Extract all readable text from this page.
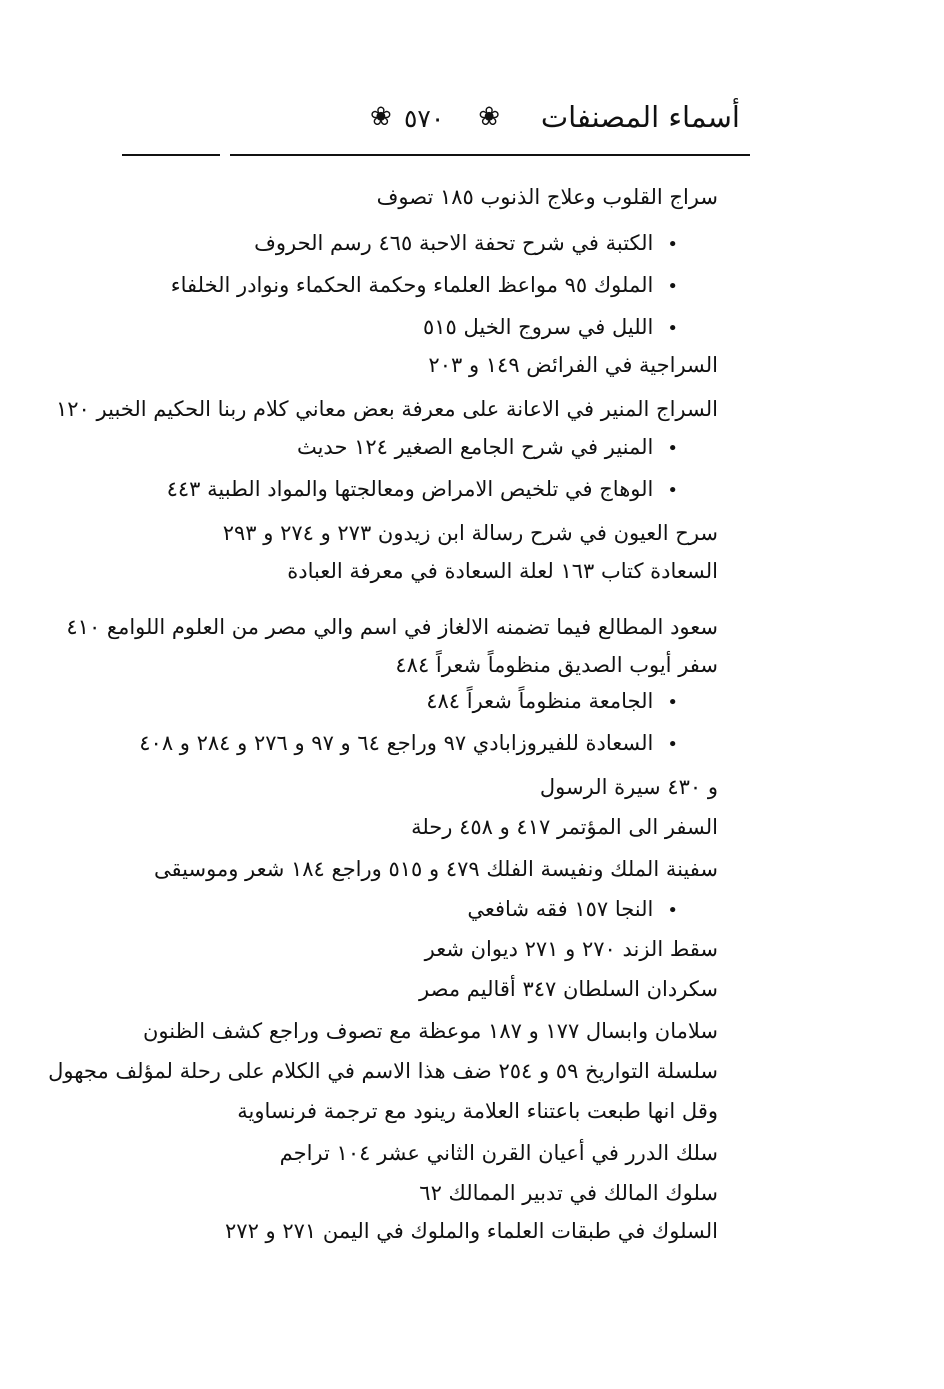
أسماء المصنفات
❀ ٥٧٠ ❀
سراج القلوب وعلاج الذنوب ١٨٥ تصوف
•الكتبة في شرح تحفة الاحبة ٤٦٥ رسم الحروف
•الملوك ٩٥ مواعظ العلماء وحكمة الحكماء ونوادر الخلفاء
•الليل في سروج الخيل ٥١٥
السراجية في الفرائض ١٤٩ و ٢٠٣
السراج المنير في الاعانة على معرفة بعض معاني كلام ربنا الحكيم الخبير ١٢٠
•المنير في شرح الجامع الصغير ١٢٤ حديث
•الوهاج في تلخيص الامراض ومعالجتها والمواد الطبية ٤٤٣
سرح العيون في شرح رسالة ابن زيدون ٢٧٣ و ٢٧٤ و ٢٩٣
السعادة كتاب ١٦٣ لعلة السعادة في معرفة العبادة
سعود المطالع فيما تضمنه الالغاز في اسم والي مصر من العلوم اللوامع ٤١٠
سفر أيوب الصديق منظوماً شعراً ٤٨٤
•الجامعة منظوماً شعراً ٤٨٤
•السعادة للفيروزابادي ٩٧ وراجع ٦٤ و ٩٧ و ٢٧٦ و ٢٨٤ و ٤٠٨
و ٤٣٠ سيرة الرسول
السفر الى المؤتمر ٤١٧ و ٤٥٨ رحلة
سفينة الملك ونفيسة الفلك ٤٧٩ و ٥١٥ وراجع ١٨٤ شعر وموسيقى
•النجا ١٥٧ فقه شافعي
سقط الزند ٢٧٠ و ٢٧١ ديوان شعر
سكردان السلطان ٣٤٧ أقاليم مصر
سلامان وابسال ١٧٧ و ١٨٧ موعظة مع تصوف وراجع كشف الظنون
سلسلة التواريخ ٥٩ و ٢٥٤ ضف هذا الاسم في الكلام على رحلة لمؤلف مجهول
وقل انها طبعت باعتناء العلامة رينود مع ترجمة فرنساوية
سلك الدرر في أعيان القرن الثاني عشر ١٠٤ تراجم
سلوك المالك في تدبير الممالك ٦٢
السلوك في طبقات العلماء والملوك في اليمن ٢٧١ و ٢٧٢
